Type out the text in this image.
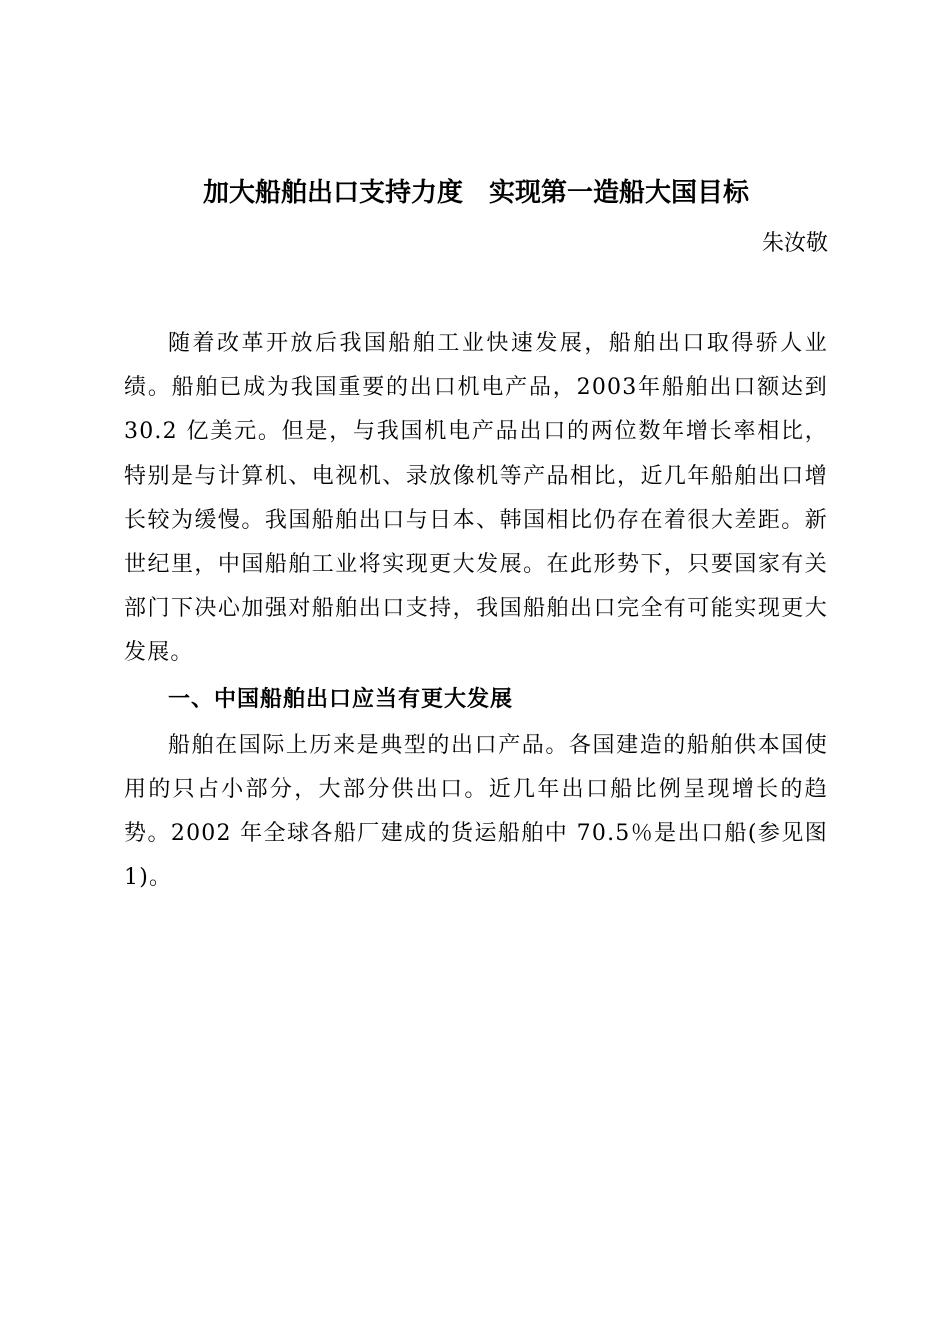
加大船舶出口支持力度　实现第一造船大国目标

朱汝敬

随着改革开放后我国船舶工业快速发展，船舶出口取得骄人业绩。船舶已成为我国重要的出口机电产品，2003年船舶出口额达到 30.2 亿美元。但是，与我国机电产品出口的两位数年增长率相比，特别是与计算机、电视机、录放像机等产品相比，近几年船舶出口增长较为缓慢。我国船舶出口与日本、韩国相比仍存在着很大差距。新世纪里，中国船舶工业将实现更大发展。在此形势下，只要国家有关部门下决心加强对船舶出口支持，我国船舶出口完全有可能实现更大发展。

一、中国船舶出口应当有更大发展

船舶在国际上历来是典型的出口产品。各国建造的船舶供本国使用的只占小部分，大部分供出口。近几年出口船比例呈现增长的趋势。2002 年全球各船厂建成的货运船舶中 70.5％是出口船(参见图 1)。
